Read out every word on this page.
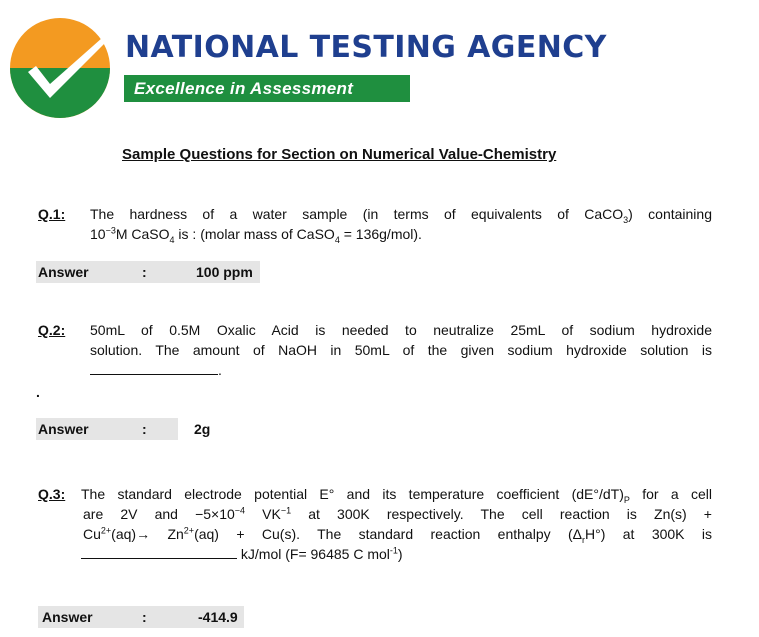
NATIONAL TESTING AGENCY
Excellence in Assessment
Sample Questions for Section on Numerical Value-Chemistry
Q.1: The hardness of a water sample (in terms of equivalents of CaCO$_3$) containing
$10^{-3}M$ CaSO$_4$ is : (molar mass of CaSO$_4$ = 136g/mol).
Answer	:	100 ppm
Q.2: 50mL of 0.5M Oxalic Acid is needed to neutralize 25mL of sodium hydroxide
solution. The amount of NaOH in 50mL of the given sodium hydroxide solution is
.
.
Answer	:	2g
Q.3: The standard electrode potential E° and its temperature coefficient $(dE^\circ/dT)_P$ for a cell
are 2V and $-5\times 10^{-4}$ $VK^{-1}$ at 300K respectively. The cell reaction is Zn(s) +
$Cu^{2+}(aq)\to Zn^{2+}(aq) + Cu(s)$. The standard reaction enthalpy $(\Delta_rH^\circ)$ at 300K is
kJ/mol (F= 96485 C mol$^{-1}$)
Answer	:	-414.9
